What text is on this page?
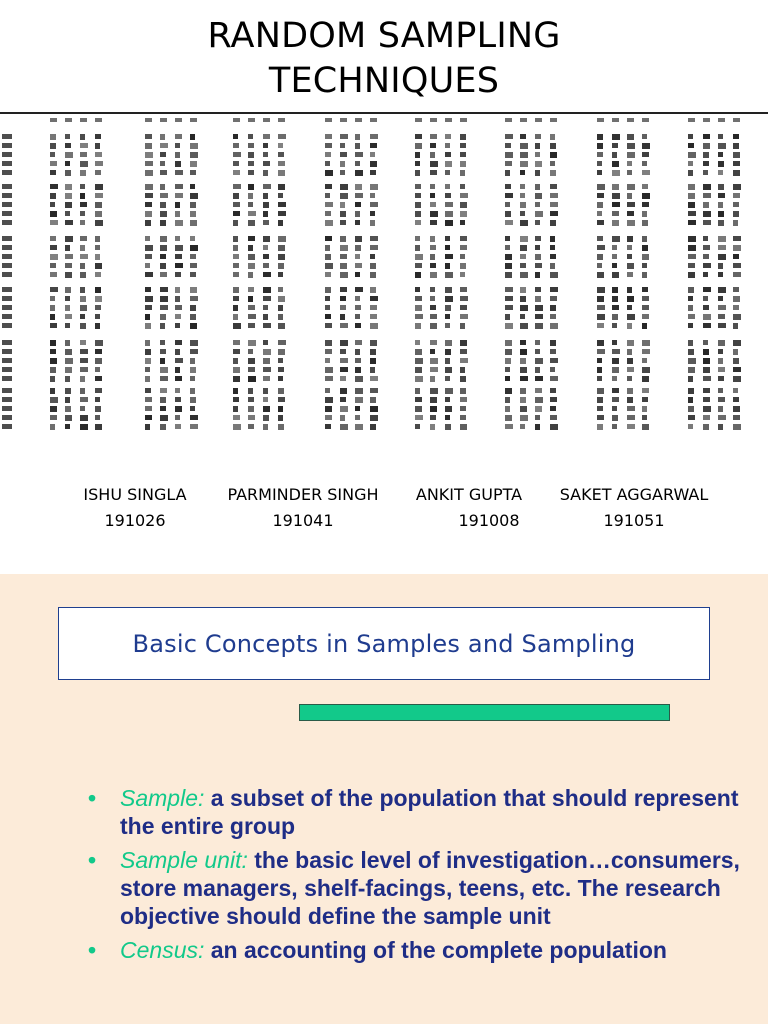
RANDOM SAMPLING
TECHNIQUES
ISHU SINGLA
191026
PARMINDER SINGH
191041
ANKIT GUPTA
191008
SAKET AGGARWAL
191051
Basic Concepts in Samples and Sampling
• Sample: a subset of the population that should represent the entire group
• Sample unit: the basic level of investigation…consumers, store managers, shelf-facings, teens, etc. The research objective should define the sample unit
• Census: an accounting of the complete population
